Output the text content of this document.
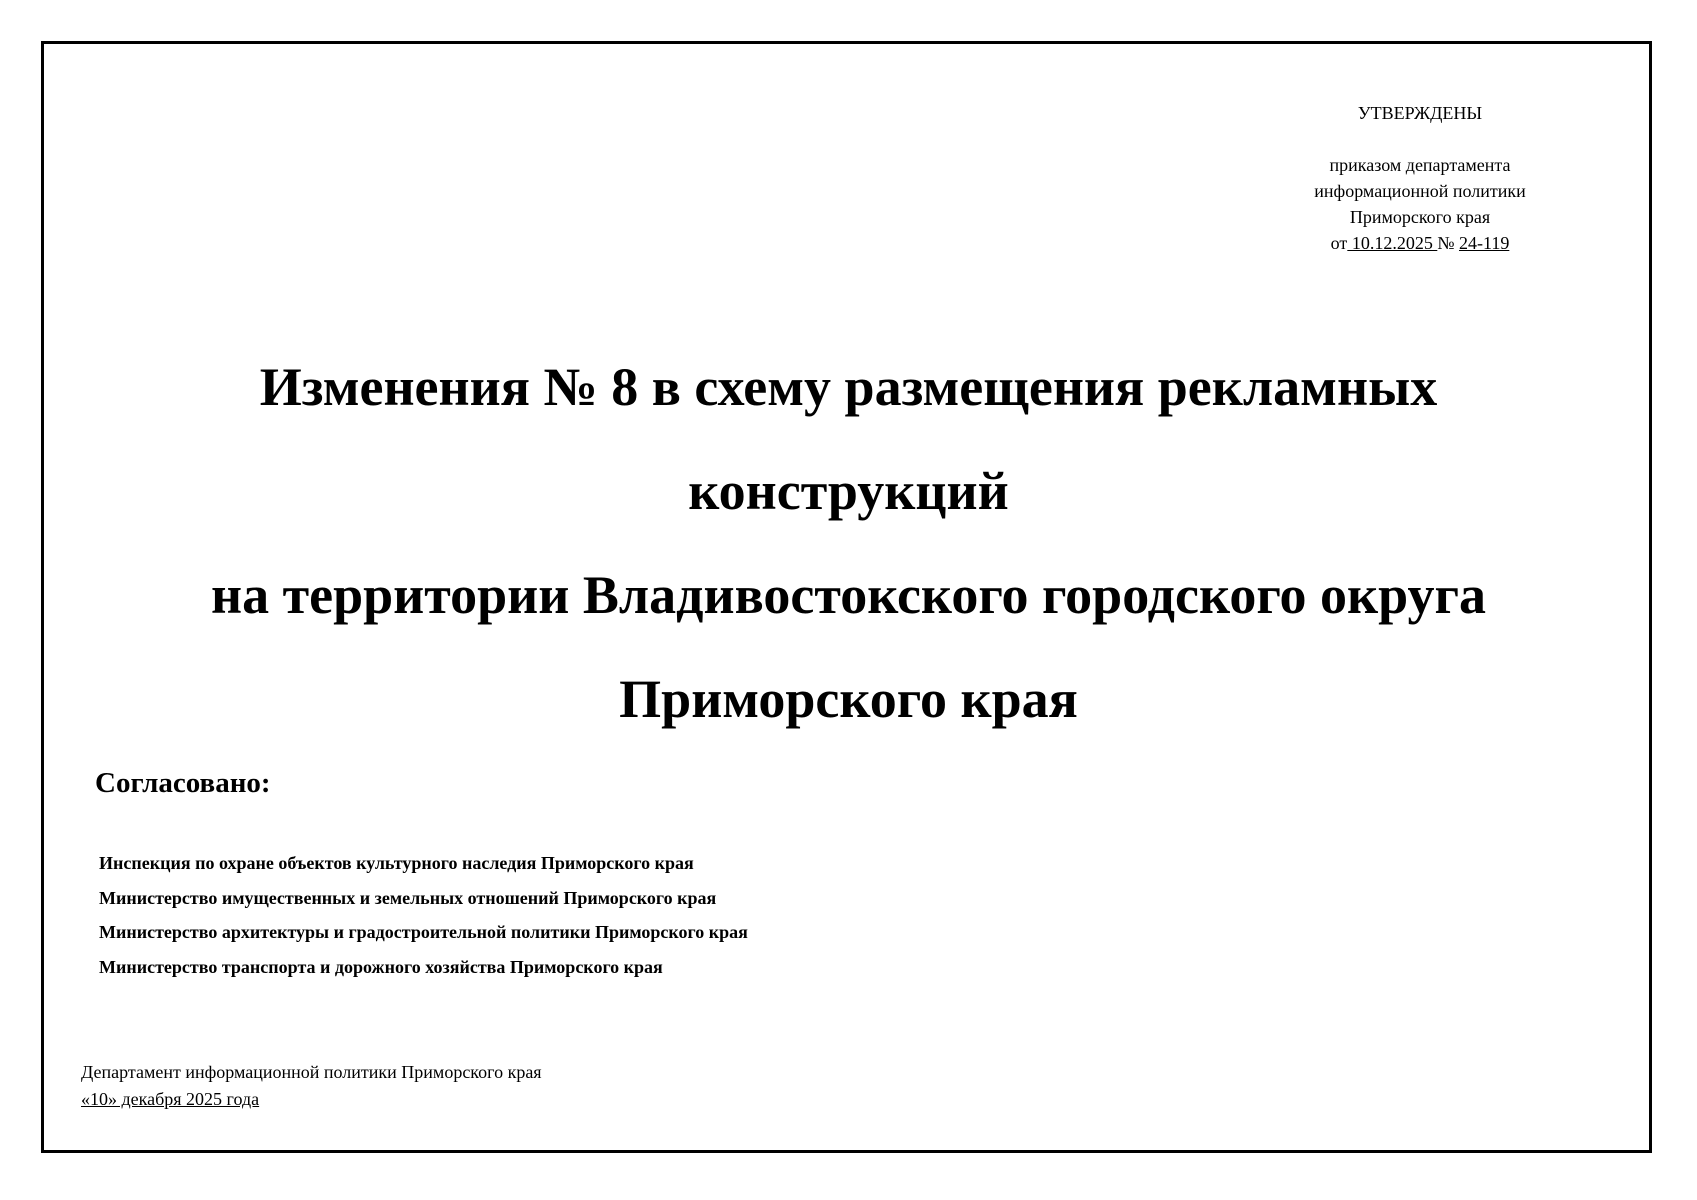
УТВЕРЖДЕНЫ
приказом департамента
информационной политики
Приморского края
от 10.12.2025 № 24-119
Изменения № 8 в схему размещения рекламных
конструкций
на территории Владивостокского городского округа
Приморского края
Согласовано:
Инспекция по охране объектов культурного наследия Приморского края
Министерство имущественных и земельных отношений Приморского края
Министерство архитектуры и градостроительной политики Приморского края
Министерство транспорта и дорожного хозяйства Приморского края
Департамент информационной политики Приморского края
«10» декабря 2025 года
